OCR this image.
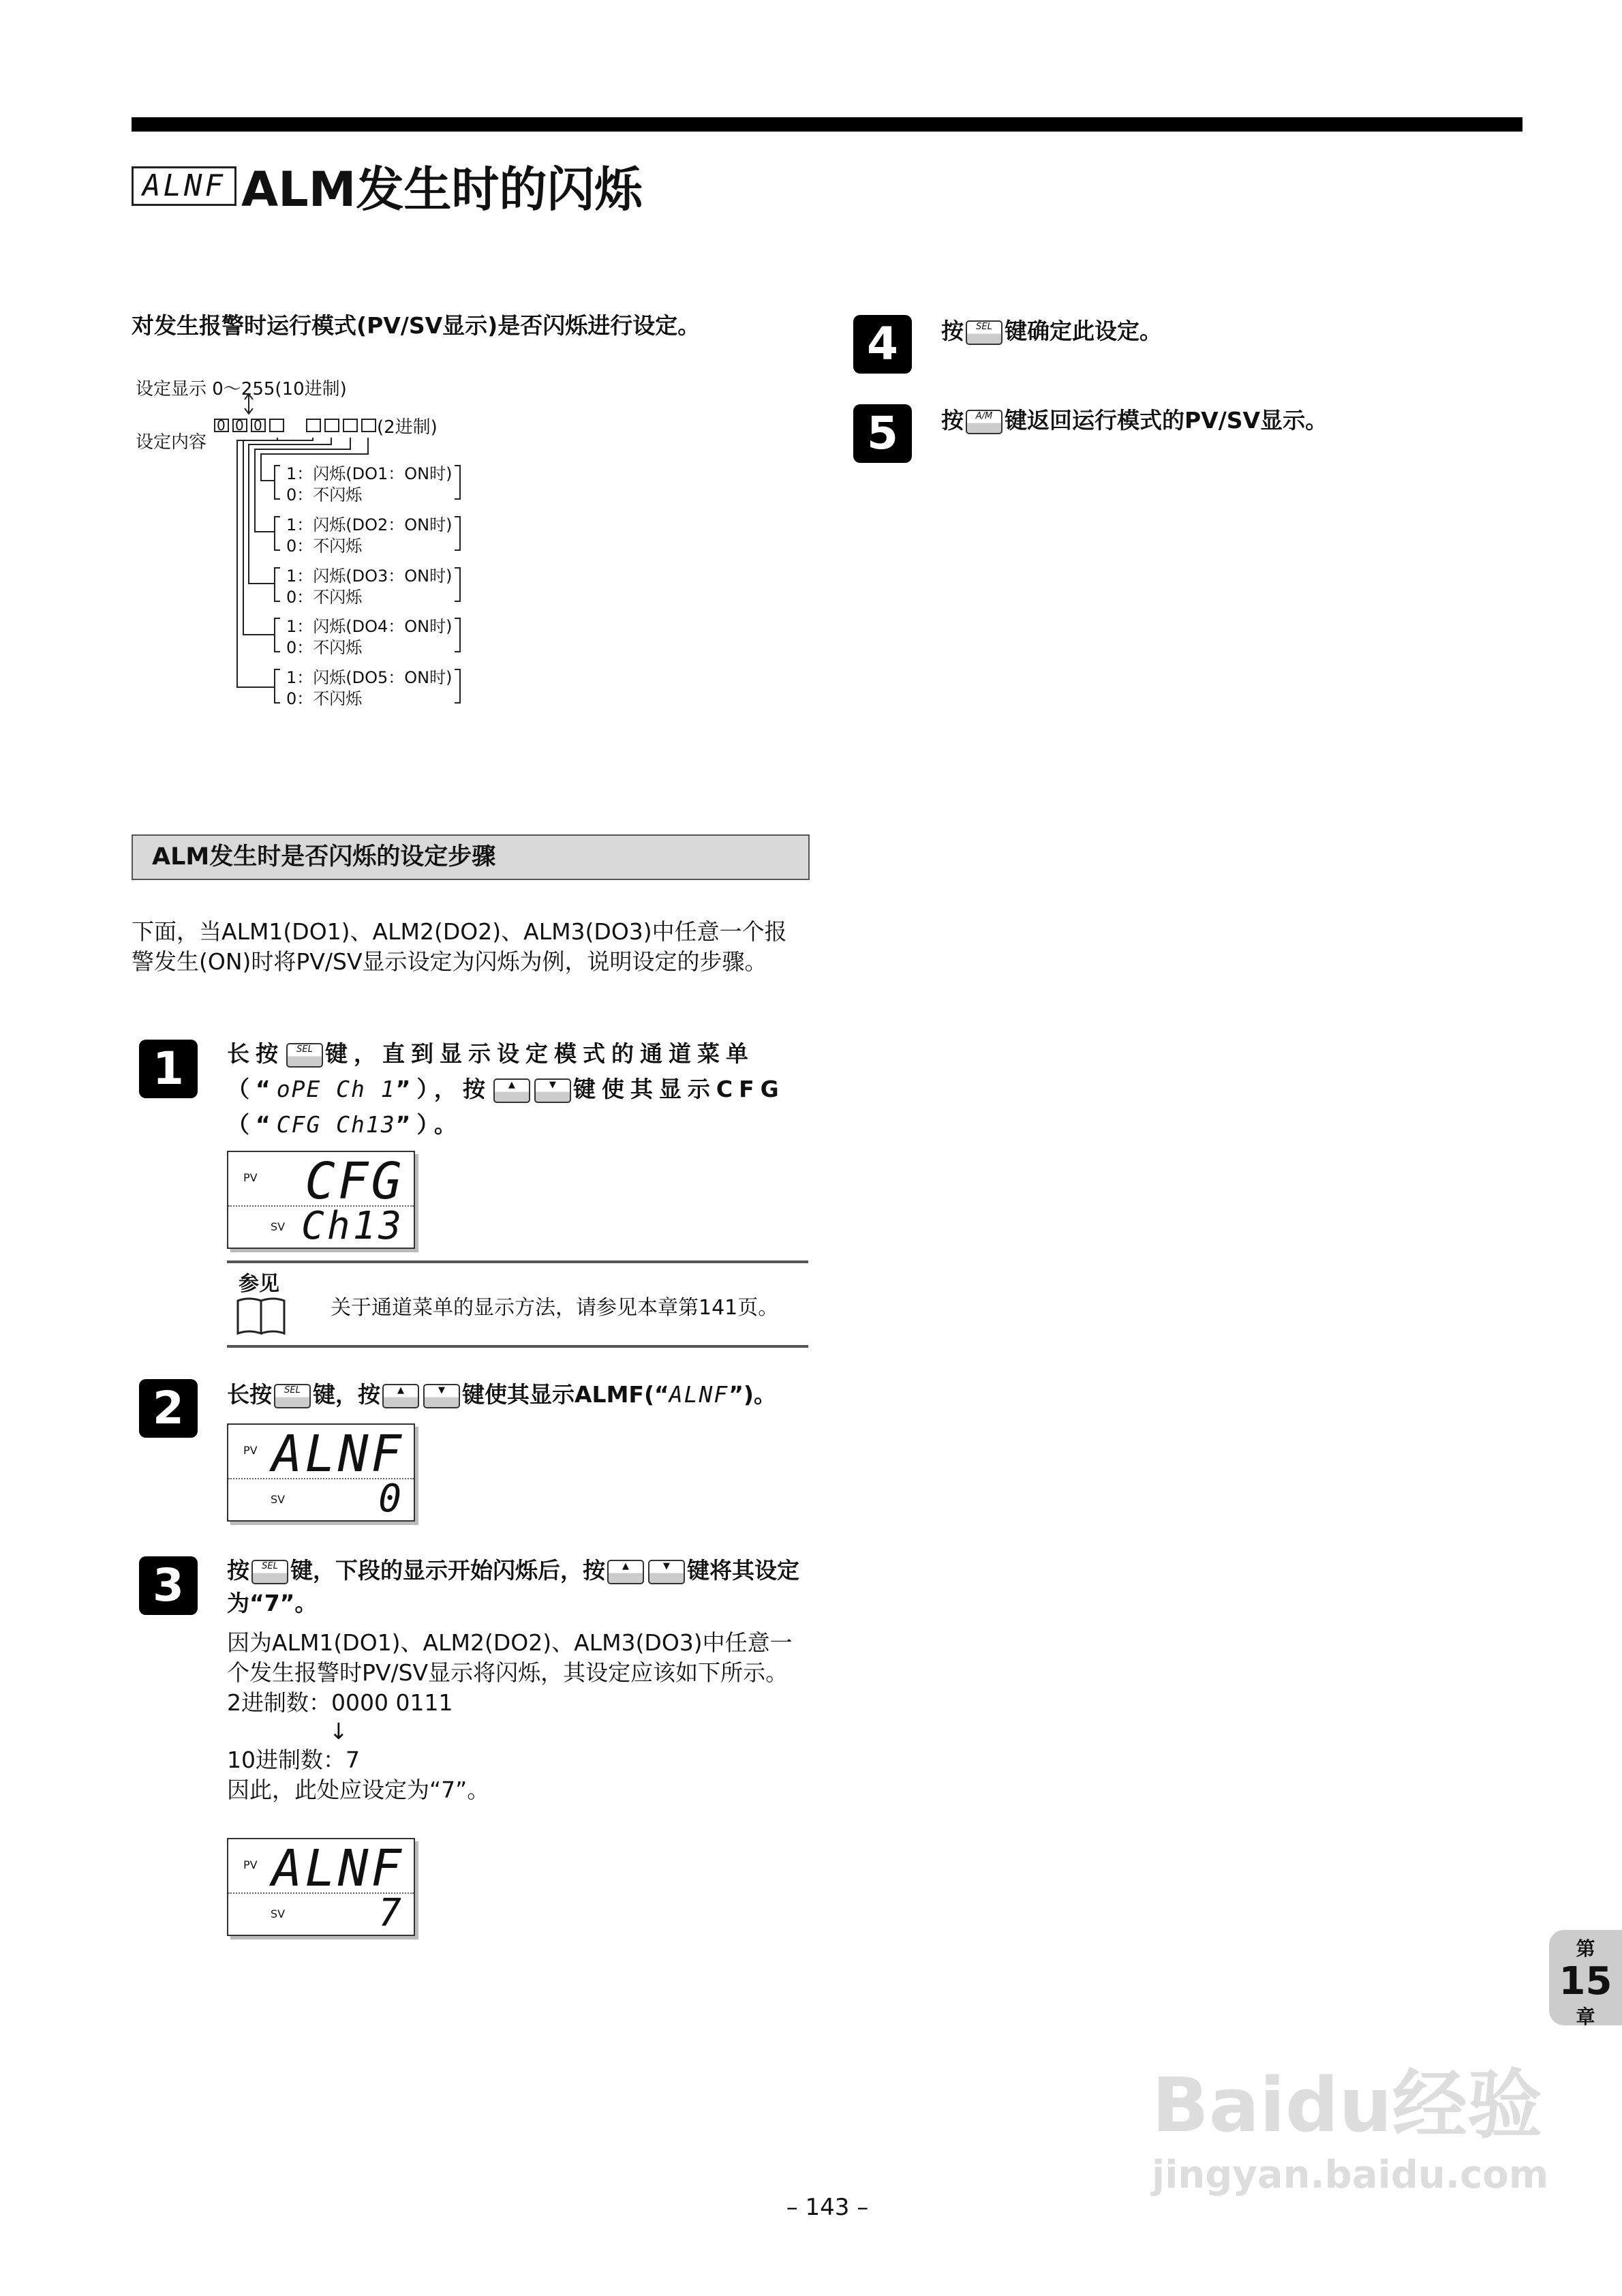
ALNF ALM发生时的闪烁
对发生报警时运行模式(PV/SV显示)是否闪烁进行设定。
设定显示 0～255(10进制)
设定内容
0 0 0	(2进制)
1：闪烁(DO1：ON时)
0：不闪烁
1：闪烁(DO2：ON时)
0：不闪烁
1：闪烁(DO3：ON时)
0：不闪烁
1：闪烁(DO4：ON时)
0：不闪烁
1：闪烁(DO5：ON时)
0：不闪烁
ALM发生时是否闪烁的设定步骤
下面，当ALM1(DO1)、ALM2(DO2)、ALM3(DO3)中任意一个报警发生(ON)时将PV/SV显示设定为闪烁为例，说明设定的步骤。
1	长按 SEL 键，直到显示设定模式的通道菜单（“oPE Ch 1”），按 ▲	▼ 键使其显示CFG（“CFG Ch13”）。
PV CFG
SV Ch13
参见
关于通道菜单的显示方法，请参见本章第141页。
2	长按 SEL 键，按 ▲	▼ 键使其显示ALMF(“ALNF”)。
PV ALNF
SV 0
3	按 SEL 键，下段的显示开始闪烁后，按 ▲	▼ 键将其设定为“7”。
因为ALM1(DO1)、ALM2(DO2)、ALM3(DO3)中任意一个发生报警时PV/SV显示将闪烁，其设定应该如下所示。
2进制数：0000 0111
↓
10进制数：7
因此，此处应设定为“7”。
PV ALNF
SV 7
4	按 SEL 键确定此设定。
5	按 A/M 键返回运行模式的PV/SV显示。
第
15
章
– 143 –
Baidu经验
jingyan.baidu.com
